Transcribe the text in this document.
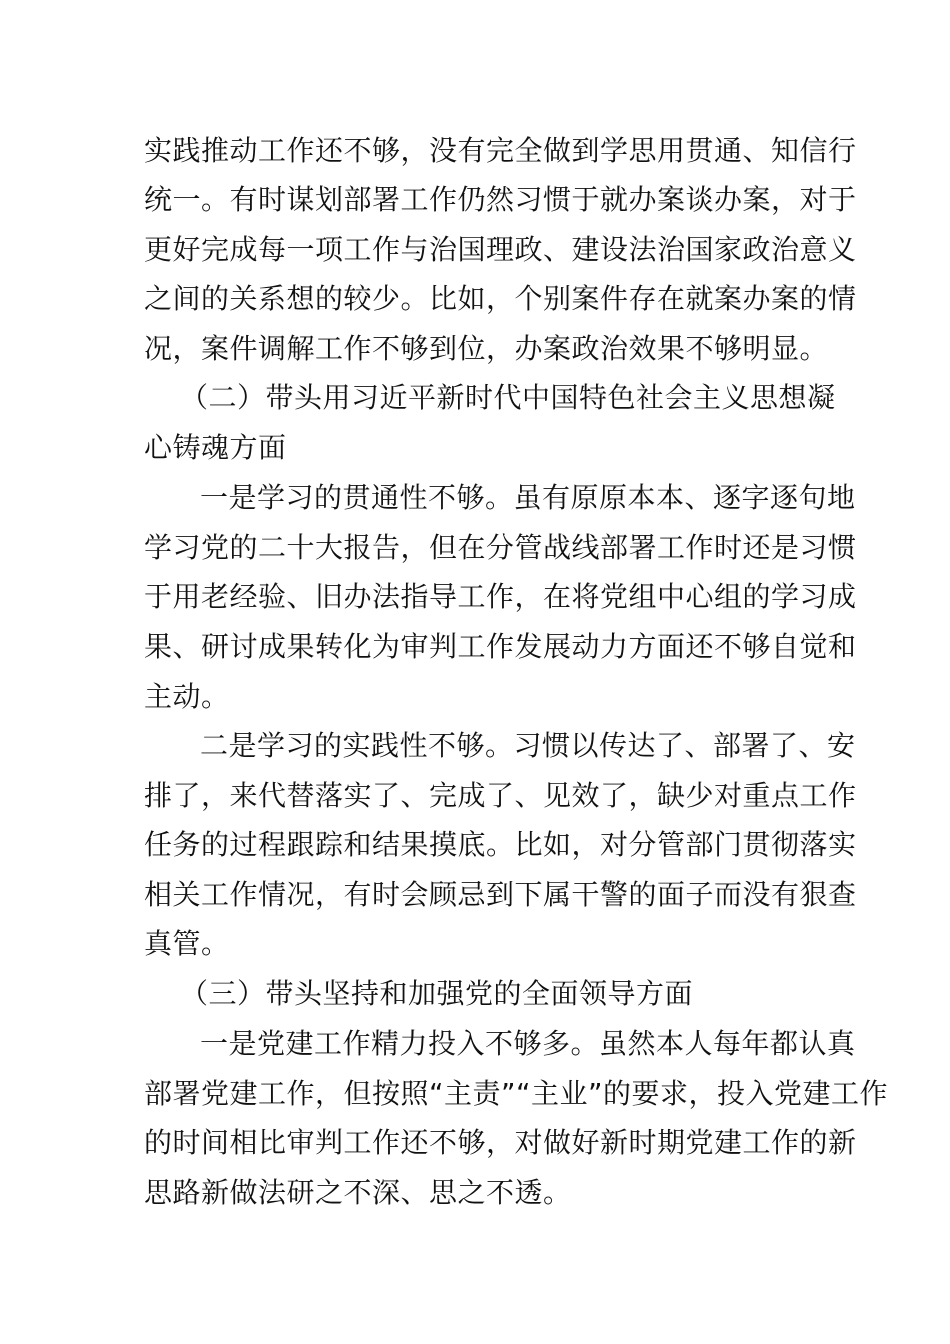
实践推动工作还不够，没有完全做到学思用贯通、知信行

统一。有时谋划部署工作仍然习惯于就办案谈办案，对于

更好完成每一项工作与治国理政、建设法治国家政治意义

之间的关系想的较少。比如，个别案件存在就案办案的情

况，案件调解工作不够到位，办案政治效果不够明显。

（二）带头用习近平新时代中国特色社会主义思想凝

心铸魂方面

一是学习的贯通性不够。虽有原原本本、逐字逐句地

学习党的二十大报告，但在分管战线部署工作时还是习惯

于用老经验、旧办法指导工作，在将党组中心组的学习成

果、研讨成果转化为审判工作发展动力方面还不够自觉和

主动。

二是学习的实践性不够。习惯以传达了、部署了、安

排了，来代替落实了、完成了、见效了，缺少对重点工作

任务的过程跟踪和结果摸底。比如，对分管部门贯彻落实

相关工作情况，有时会顾忌到下属干警的面子而没有狠查

真管。

（三）带头坚持和加强党的全面领导方面

一是党建工作精力投入不够多。虽然本人每年都认真

部署党建工作，但按照“主责”“主业”的要求，投入党建工作

的时间相比审判工作还不够，对做好新时期党建工作的新

思路新做法研之不深、思之不透。
